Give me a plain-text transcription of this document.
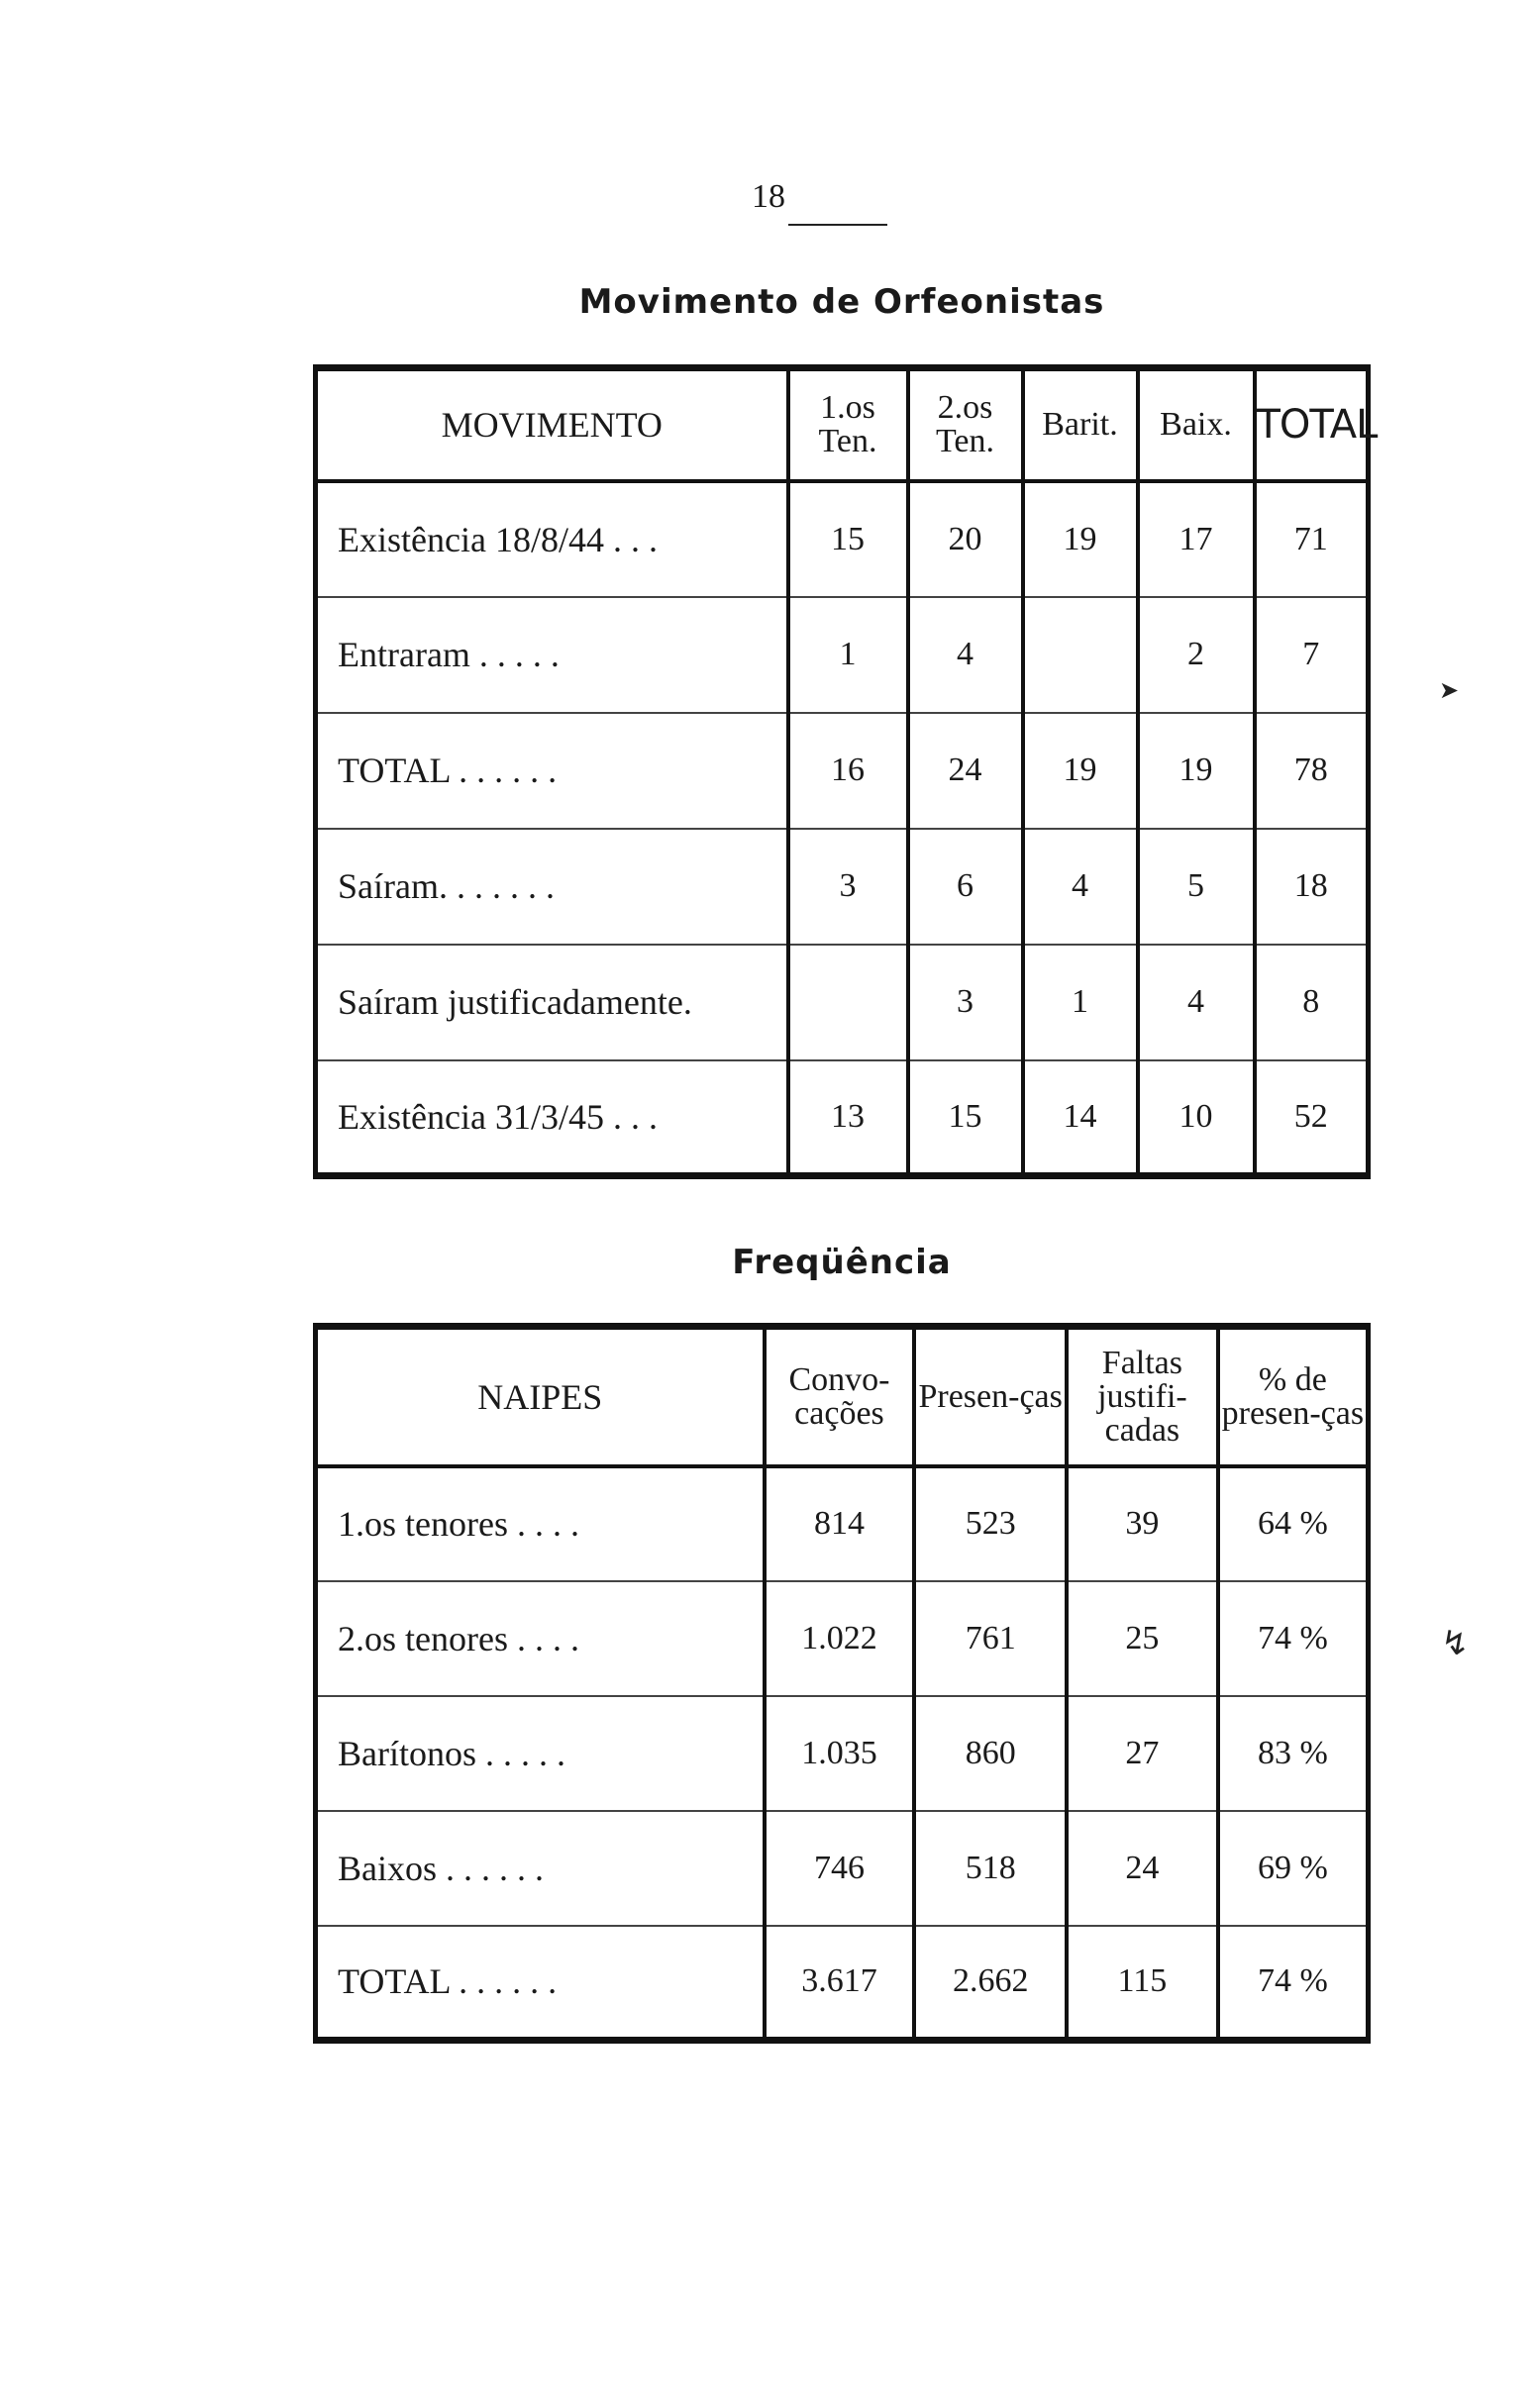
18
Movimento de Orfeonistas
MOVIMENTO	1.os Ten.	2.os Ten.	Barit.	Baix.	TOTAL
Existência 18/8/44 . . .	15	20	19	17	71
Entraram . . . . .	1	4		2	7
TOTAL . . . . . .	16	24	19	19	78
Saíram. . . . . . .	3	6	4	5	18
Saíram justificadamente.		3	1	4	8
Existência 31/3/45 . . .	13	15	14	10	52
Freqüência
NAIPES	Convo-cações	Presen-ças	Faltas justifi-cadas	% de presen-ças
1.os tenores . . . .	814	523	39	64 %
2.os tenores . . . .	1.022	761	25	74 %
Barítonos . . . . .	1.035	860	27	83 %
Baixos . . . . . .	746	518	24	69 %
TOTAL . . . . . .	3.617	2.662	115	74 %
➤
↯
